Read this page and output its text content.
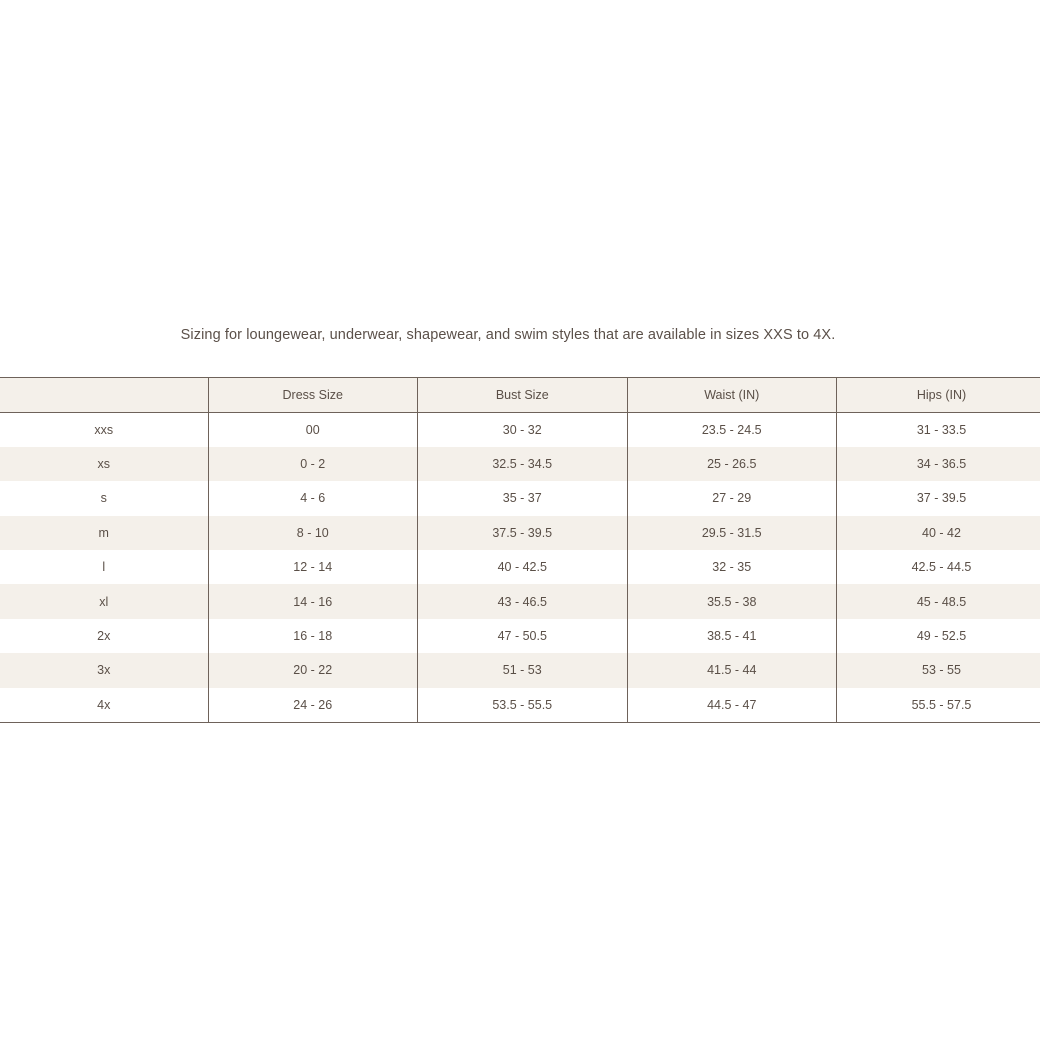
Sizing for loungewear, underwear, shapewear, and swim styles that are available in sizes XXS to 4X.

	Dress Size	Bust Size	Waist (IN)	Hips (IN)
xxs	00	30 - 32	23.5 - 24.5	31 - 33.5
xs	0 - 2	32.5 - 34.5	25 - 26.5	34 - 36.5
s	4 - 6	35 - 37	27 - 29	37 - 39.5
m	8 - 10	37.5 - 39.5	29.5 - 31.5	40 - 42
l	12 - 14	40 - 42.5	32 - 35	42.5 - 44.5
xl	14 - 16	43 - 46.5	35.5 - 38	45 - 48.5
2x	16 - 18	47 - 50.5	38.5 - 41	49 - 52.5
3x	20 - 22	51 - 53	41.5 - 44	53 - 55
4x	24 - 26	53.5 - 55.5	44.5 - 47	55.5 - 57.5
